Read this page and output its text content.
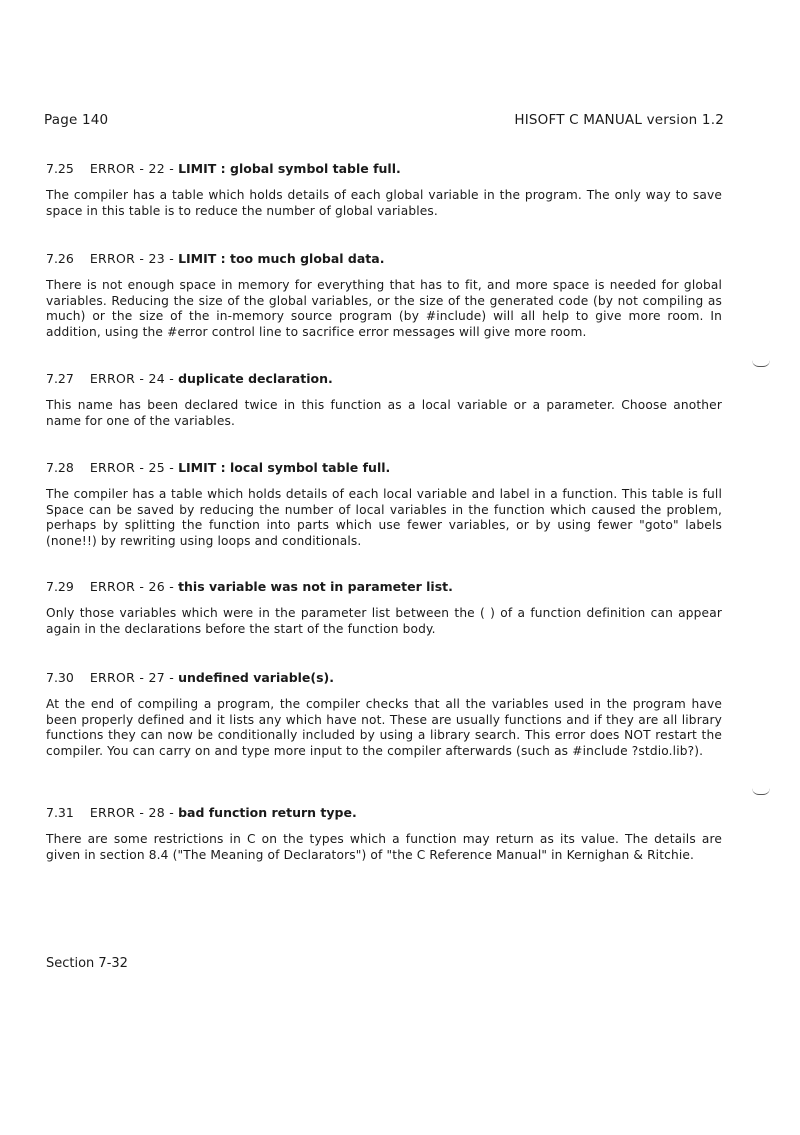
Page 140	HISOFT C MANUAL version 1.2
7.25 ERROR - 22 - LIMIT : global symbol table full.

The compiler has a table which holds details of each global variable in the program. The only way to save space in this table is to reduce the number of global variables.

7.26 ERROR - 23 - LIMIT : too much global data.

There is not enough space in memory for everything that has to fit, and more space is needed for global variables. Reducing the size of the global variables, or the size of the generated code (by not compiling as much) or the size of the in-memory source program (by #include) will all help to give more room. In addition, using the #error control line to sacrifice error messages will give more room.

7.27 ERROR - 24 - duplicate declaration.

This name has been declared twice in this function as a local variable or a parameter. Choose another name for one of the variables.

7.28 ERROR - 25 - LIMIT : local symbol table full.

The compiler has a table which holds details of each local variable and label in a function. This table is full Space can be saved by reducing the number of local variables in the function which caused the problem, perhaps by splitting the function into parts which use fewer variables, or by using fewer "goto" labels (none!!) by rewriting using loops and conditionals.

7.29 ERROR - 26 - this variable was not in parameter list.

Only those variables which were in the parameter list between the ( ) of a function definition can appear again in the declarations before the start of the function body.

7.30 ERROR - 27 - undefined variable(s).

At the end of compiling a program, the compiler checks that all the variables used in the program have been properly defined and it lists any which have not. These are usually functions and if they are all library functions they can now be conditionally included by using a library search. This error does NOT restart the compiler. You can carry on and type more input to the compiler afterwards (such as #include ?stdio.lib?).

7.31 ERROR - 28 - bad function return type.

There are some restrictions in C on the types which a function may return as its value. The details are given in section 8.4 ("The Meaning of Declarators") of "the C Reference Manual" in Kernighan & Ritchie.

Section 7-32
